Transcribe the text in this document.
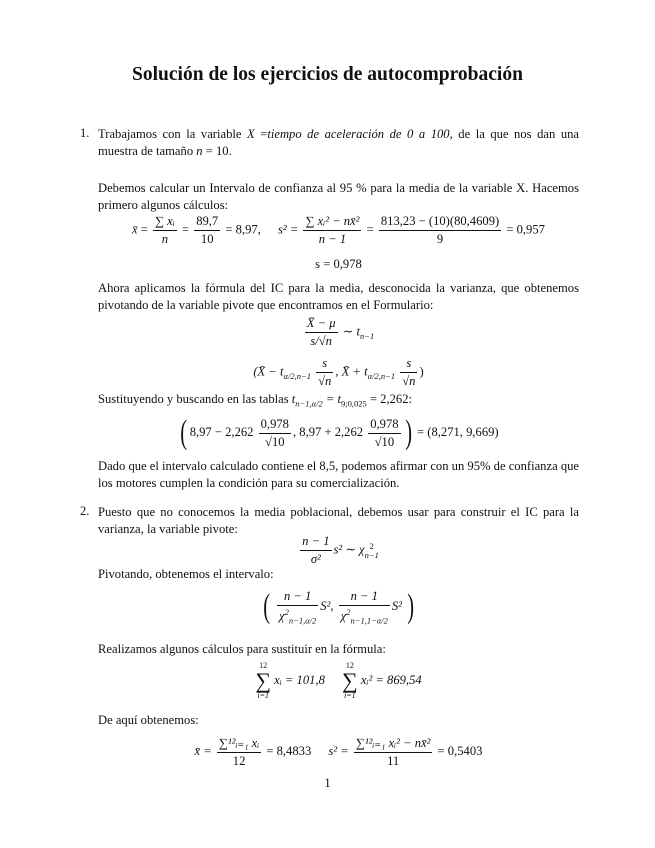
Solución de los ejercicios de autocomprobación
1. Trabajamos con la variable X =tiempo de aceleración de 0 a 100, de la que nos dan una muestra de tamaño n = 10.
Debemos calcular un Intervalo de confianza al 95 % para la media de la variable X. Hacemos primero algunos cálculos:
x̄ = $\frac{\text{∑ xᵢ}}{n} = \frac{89,7}{10} = 8,97$, $s^2 = \frac{\text{∑ xᵢ² − nx̄²}}{n - 1} = \frac{813,23 - (10)(80,4609)}{9} = 0,957$
s = 0,978
Ahora aplicamos la fórmula del IC para la media, desconocida la varianza, que obtenemos pivotando de la variable pivote que encontramos en el Formulario:
$\frac{X̄ - \mu}{s/√n}$ ∼ $t_{n-1}$
(X̄ − $t_{\alpha/2,n-1} \frac{s}{√n}$ , X̄ + $t_{\alpha/2,n-1} \frac{s}{√n}$ )
Sustituyendo y buscando en las tablas $t_{n-1,\alpha/2} = t_{9;0,025} = 2,262$:
( $8,97 - 2,262 \frac{0,978}{√10}$ , $8,97 + 2,262 \frac{0,978}{√10}$ ) = (8,271, 9,669)
Dado que el intervalo calculado contiene el 8,5, podemos afirmar con un 95% de confianza que los motores cumplen la condición para su comercialización.
2. Puesto que no conocemos la media poblacional, debemos usar para construir el IC para la varianza, la variable pivote:
$\frac{n - 1}{\text{σ²}} s^2$ ∼ χ 2
n−1
Pivotando, obtenemos el intervalo:
( $\frac{n - 1}{\chi^2_{n-1,\alpha/2}} S^2$, $\frac{n - 1}{\chi^2_{n-1,1-\alpha/2}} S^2$ )
Realizamos algunos cálculos para sustituir en la fórmula:
12
∑
i=1
xᵢ = 101,8
12
∑
i=1
xᵢ² = 869,54
De aquí obtenemos:
x̄ = $\frac{\text{∑¹²ᵢ₌₁ xᵢ}}{12} = 8,4833$ $s^2 = \frac{\text{∑¹²ᵢ₌₁ xᵢ² − nx̄²}}{11} = 0,5403$
1
